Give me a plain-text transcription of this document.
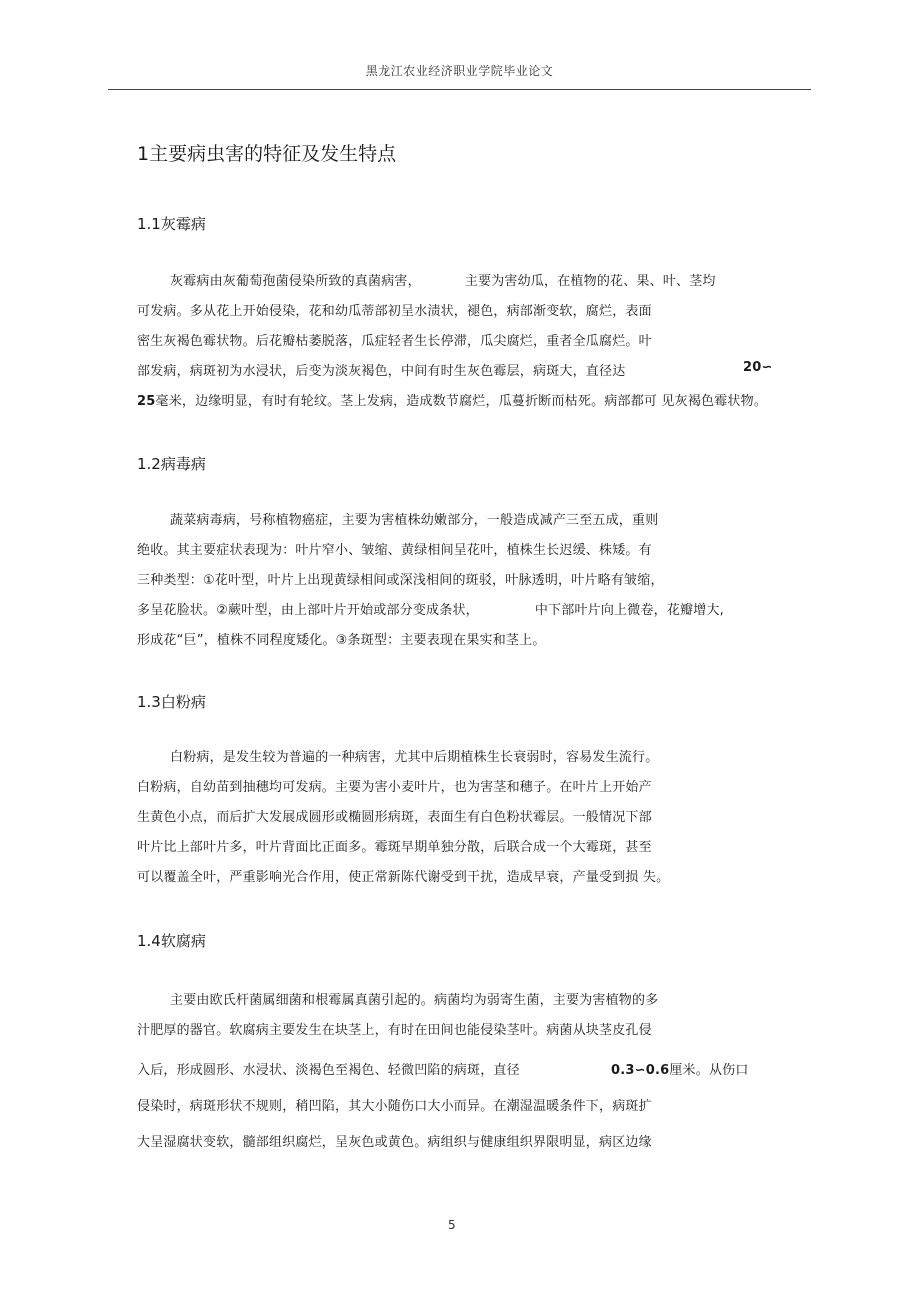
黑龙江农业经济职业学院毕业论文
1主要病虫害的特征及发生特点
1.1灰霉病
灰霉病由灰葡萄孢菌侵染所致的真菌病害，	主要为害幼瓜，在植物的花、果、叶、茎均
可发病。多从花上开始侵染，花和幼瓜蒂部初呈水渍状，褪色，病部渐变软，腐烂，表面
密生灰褐色霉状物。后花瓣枯萎脱落，瓜症轻者生长停滞，瓜尖腐烂，重者全瓜腐烂。叶
部发病，病斑初为水浸状，后变为淡灰褐色，中间有时生灰色霉层，病斑大，直径达	20∽
25毫米，边缘明显，有时有轮纹。茎上发病，造成数节腐烂，瓜蔓折断而枯死。病部都可 见灰褐色霉状物。
1.2病毒病
蔬菜病毒病，号称植物癌症，主要为害植株幼嫩部分，一般造成减产三至五成，重则
绝收。其主要症状表现为：叶片窄小、皱缩、黄绿相间呈花叶，植株生长迟缓、株矮。有
三种类型：①花叶型，叶片上出现黄绿相间或深浅相间的斑驳，叶脉透明，叶片略有皱缩，
多呈花脸状。②蕨叶型，由上部叶片开始或部分变成条状，	中下部叶片向上微卷，花瓣增大,
形成花“巨”，植株不同程度矮化。③条斑型：主要表现在果实和茎上。
1.3白粉病
白粉病，是发生较为普遍的一种病害，尤其中后期植株生长衰弱时，容易发生流行。
白粉病，自幼苗到抽穗均可发病。主要为害小麦叶片，也为害茎和穗子。在叶片上开始产
生黄色小点，而后扩大发展成圆形或椭圆形病斑，表面生有白色粉状霉层。一般情况下部
叶片比上部叶片多，叶片背面比正面多。霉斑早期单独分散，后联合成一个大霉斑，甚至
可以覆盖全叶，严重影响光合作用，使正常新陈代谢受到干扰，造成早衰，产量受到损 失。
1.4软腐病
主要由欧氏杆菌属细菌和根霉属真菌引起的。病菌均为弱寄生菌，主要为害植物的多
汁肥厚的器官。软腐病主要发生在块茎上，有时在田间也能侵染茎叶。病菌从块茎皮孔侵
入后，形成圆形、水浸状、淡褐色至褐色、轻微凹陷的病斑，直径	0.3∽0.6厘米。从伤口
侵染时，病斑形状不规则，稍凹陷，其大小随伤口大小而异。在潮湿温暖条件下，病斑扩
大呈湿腐状变软，髓部组织腐烂，呈灰色或黄色。病组织与健康组织界限明显，病区边缘
5
